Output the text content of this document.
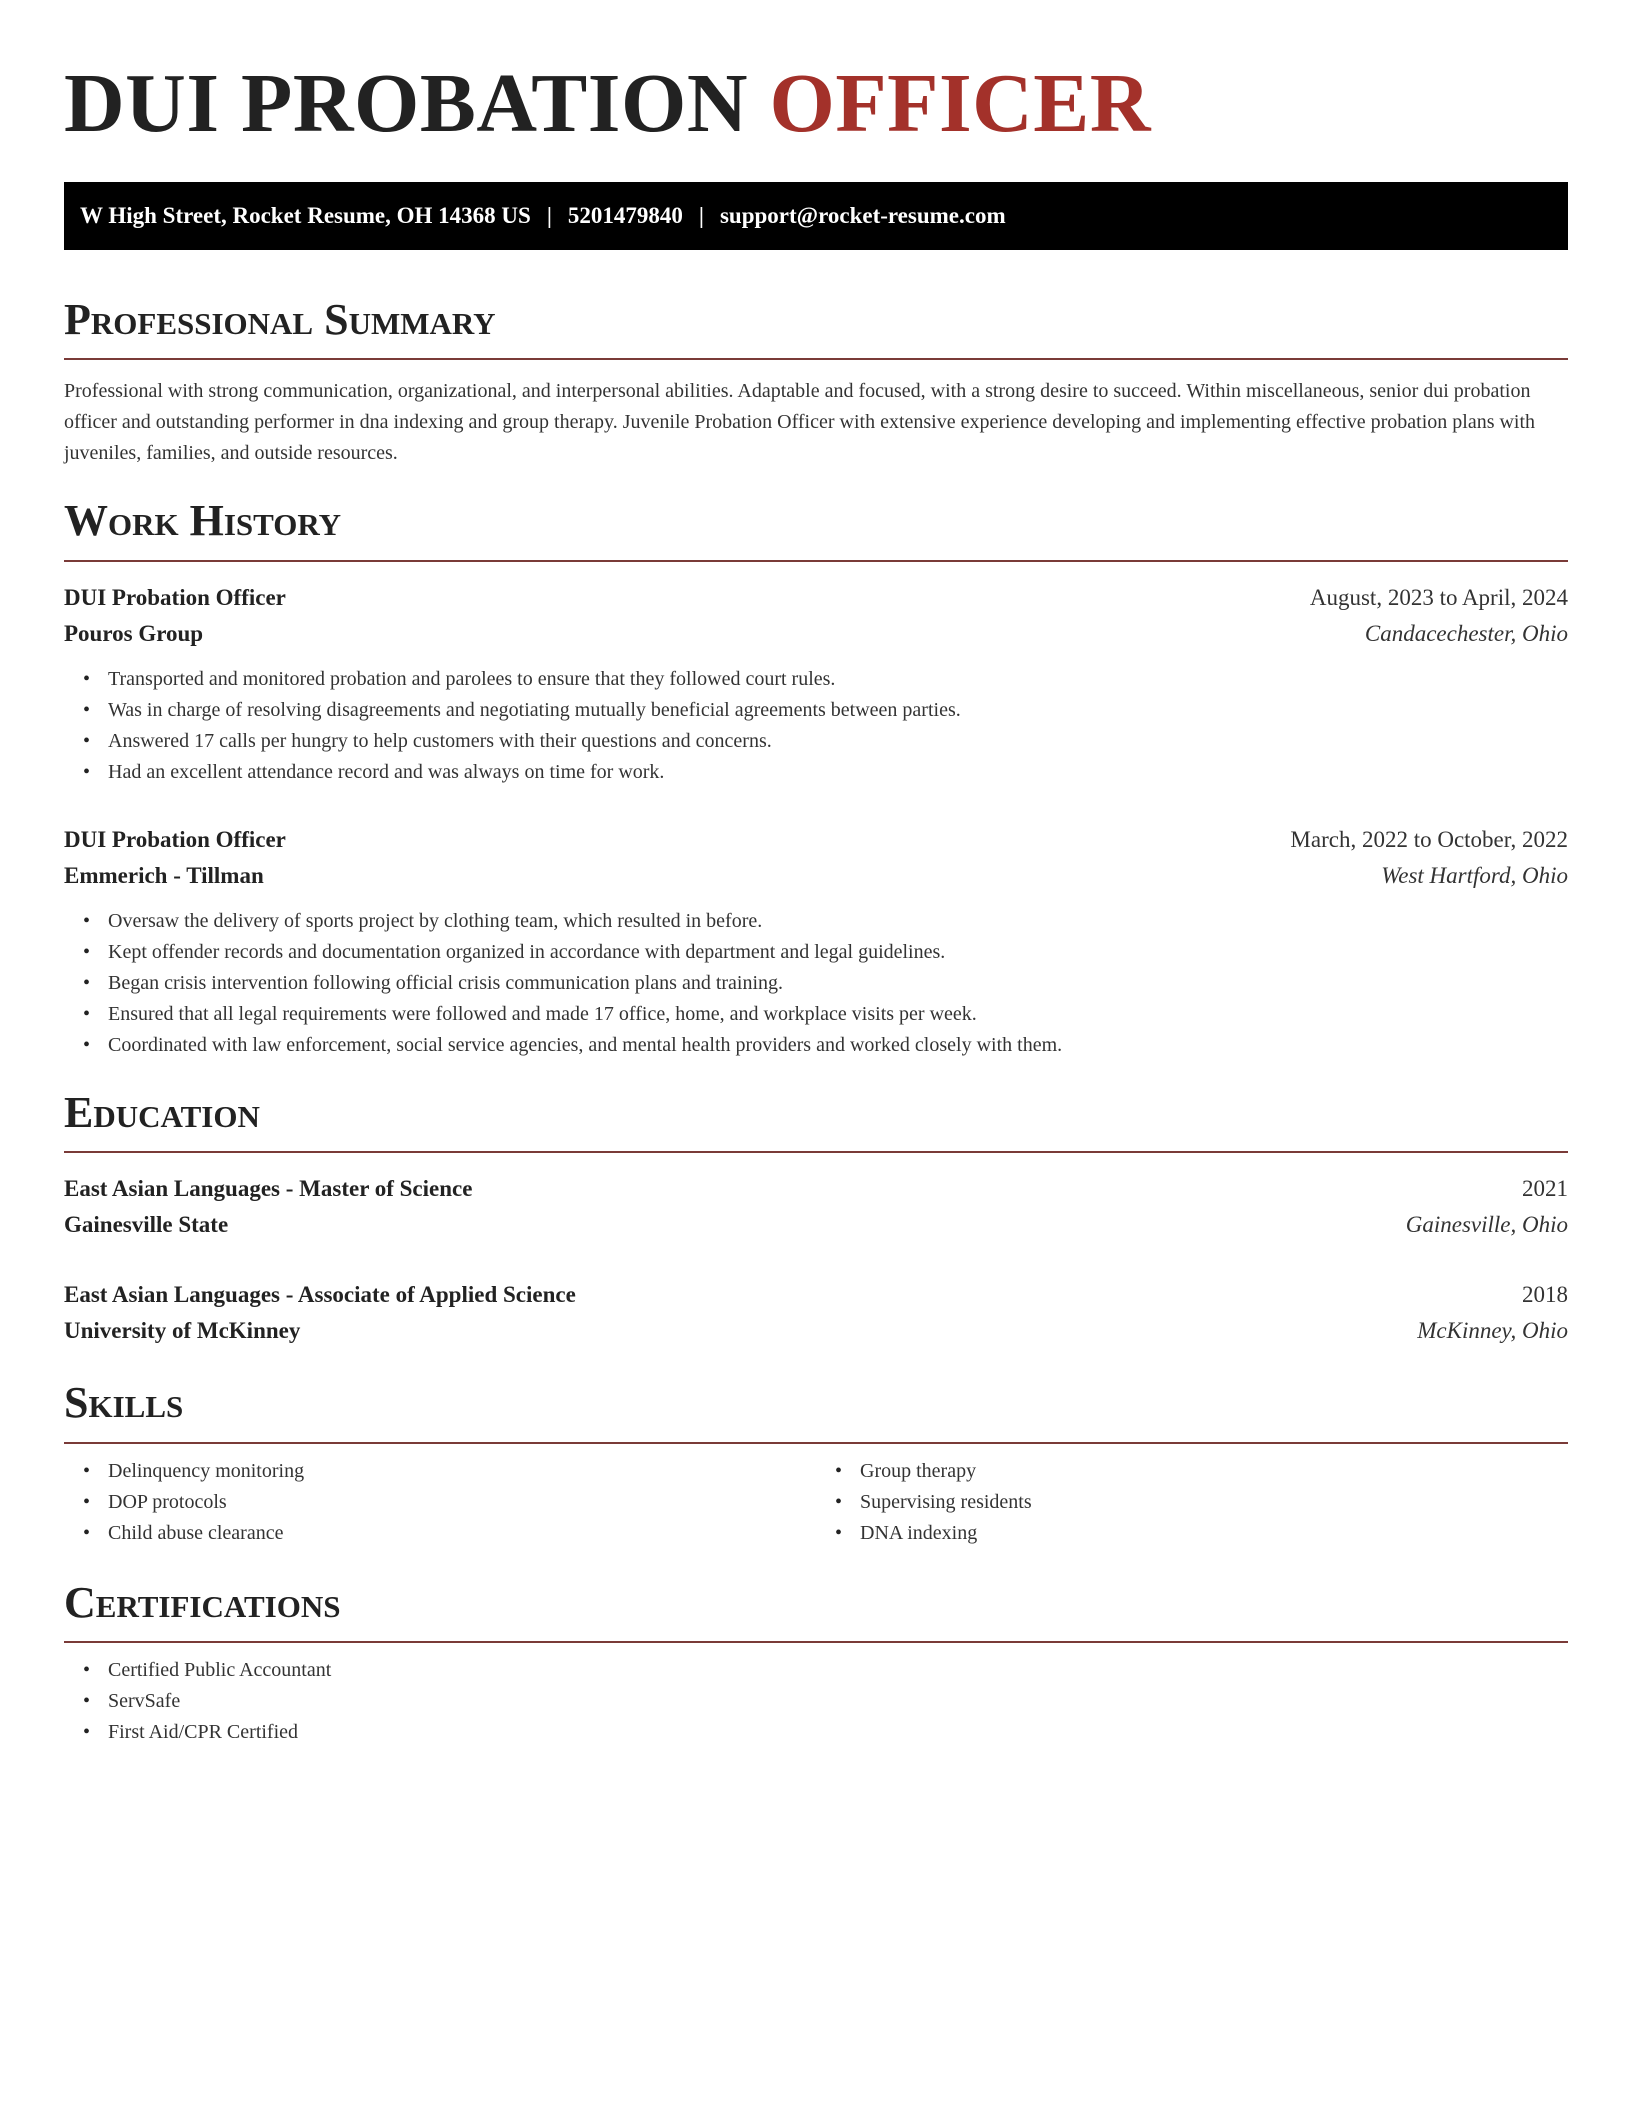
DUI PROBATION OFFICER
W High Street, Rocket Resume, OH 14368 US | 5201479840 | support@rocket-resume.com
Professional Summary

Professional with strong communication, organizational, and interpersonal abilities. Adaptable and focused, with a strong desire to succeed. Within miscellaneous, senior dui probation officer and outstanding performer in dna indexing and group therapy. Juvenile Probation Officer with extensive experience developing and implementing effective probation plans with juveniles, families, and outside resources.

Work History
DUI Probation Officer	August, 2023 to April, 2024
Pouros Group	Candacechester, Ohio
• Transported and monitored probation and parolees to ensure that they followed court rules.
• Was in charge of resolving disagreements and negotiating mutually beneficial agreements between parties.
• Answered 17 calls per hungry to help customers with their questions and concerns.
• Had an excellent attendance record and was always on time for work.
DUI Probation Officer	March, 2022 to October, 2022
Emmerich - Tillman	West Hartford, Ohio
• Oversaw the delivery of sports project by clothing team, which resulted in before.
• Kept offender records and documentation organized in accordance with department and legal guidelines.
• Began crisis intervention following official crisis communication plans and training.
• Ensured that all legal requirements were followed and made 17 office, home, and workplace visits per week.
• Coordinated with law enforcement, social service agencies, and mental health providers and worked closely with them.
Education
East Asian Languages - Master of Science	2021
Gainesville State	Gainesville, Ohio
East Asian Languages - Associate of Applied Science	2018
University of McKinney	McKinney, Ohio
Skills
• Delinquency monitoring
• DOP protocols
• Child abuse clearance
• Group therapy
• Supervising residents
• DNA indexing
Certifications
• Certified Public Accountant
• ServSafe
• First Aid/CPR Certified
